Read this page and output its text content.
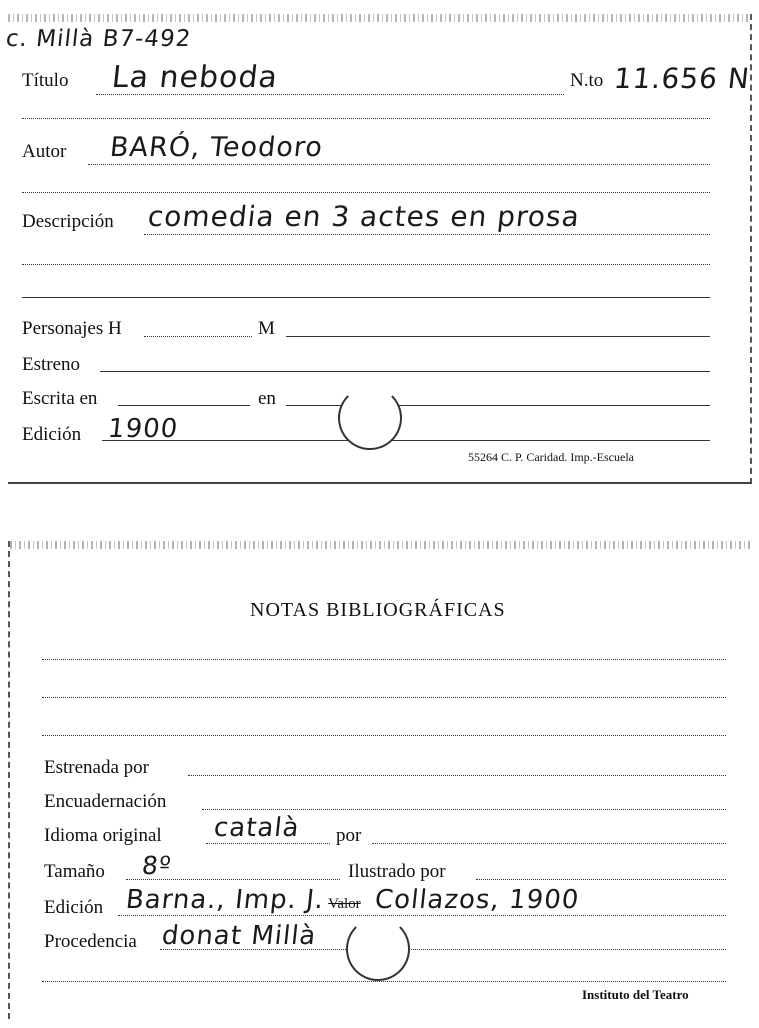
c. Millà B7-492
Título La neboda	N.to 11.656 N
Autor BARÓ, Teodoro
Descripción comedia en 3 actes en prosa
Personajes H	M
Estreno
Escrita en	en
Edición 1900
55264 C. P. Caridad. Imp.-Escuela
NOTAS BIBLIOGRÁFICAS
Estrenada por
Encuadernación
Idioma original català por
Tamaño 8º	Ilustrado por
Edición Barna., Imp. J. Valor Collazos, 1900
Procedencia donat Millà
Instituto del Teatro
